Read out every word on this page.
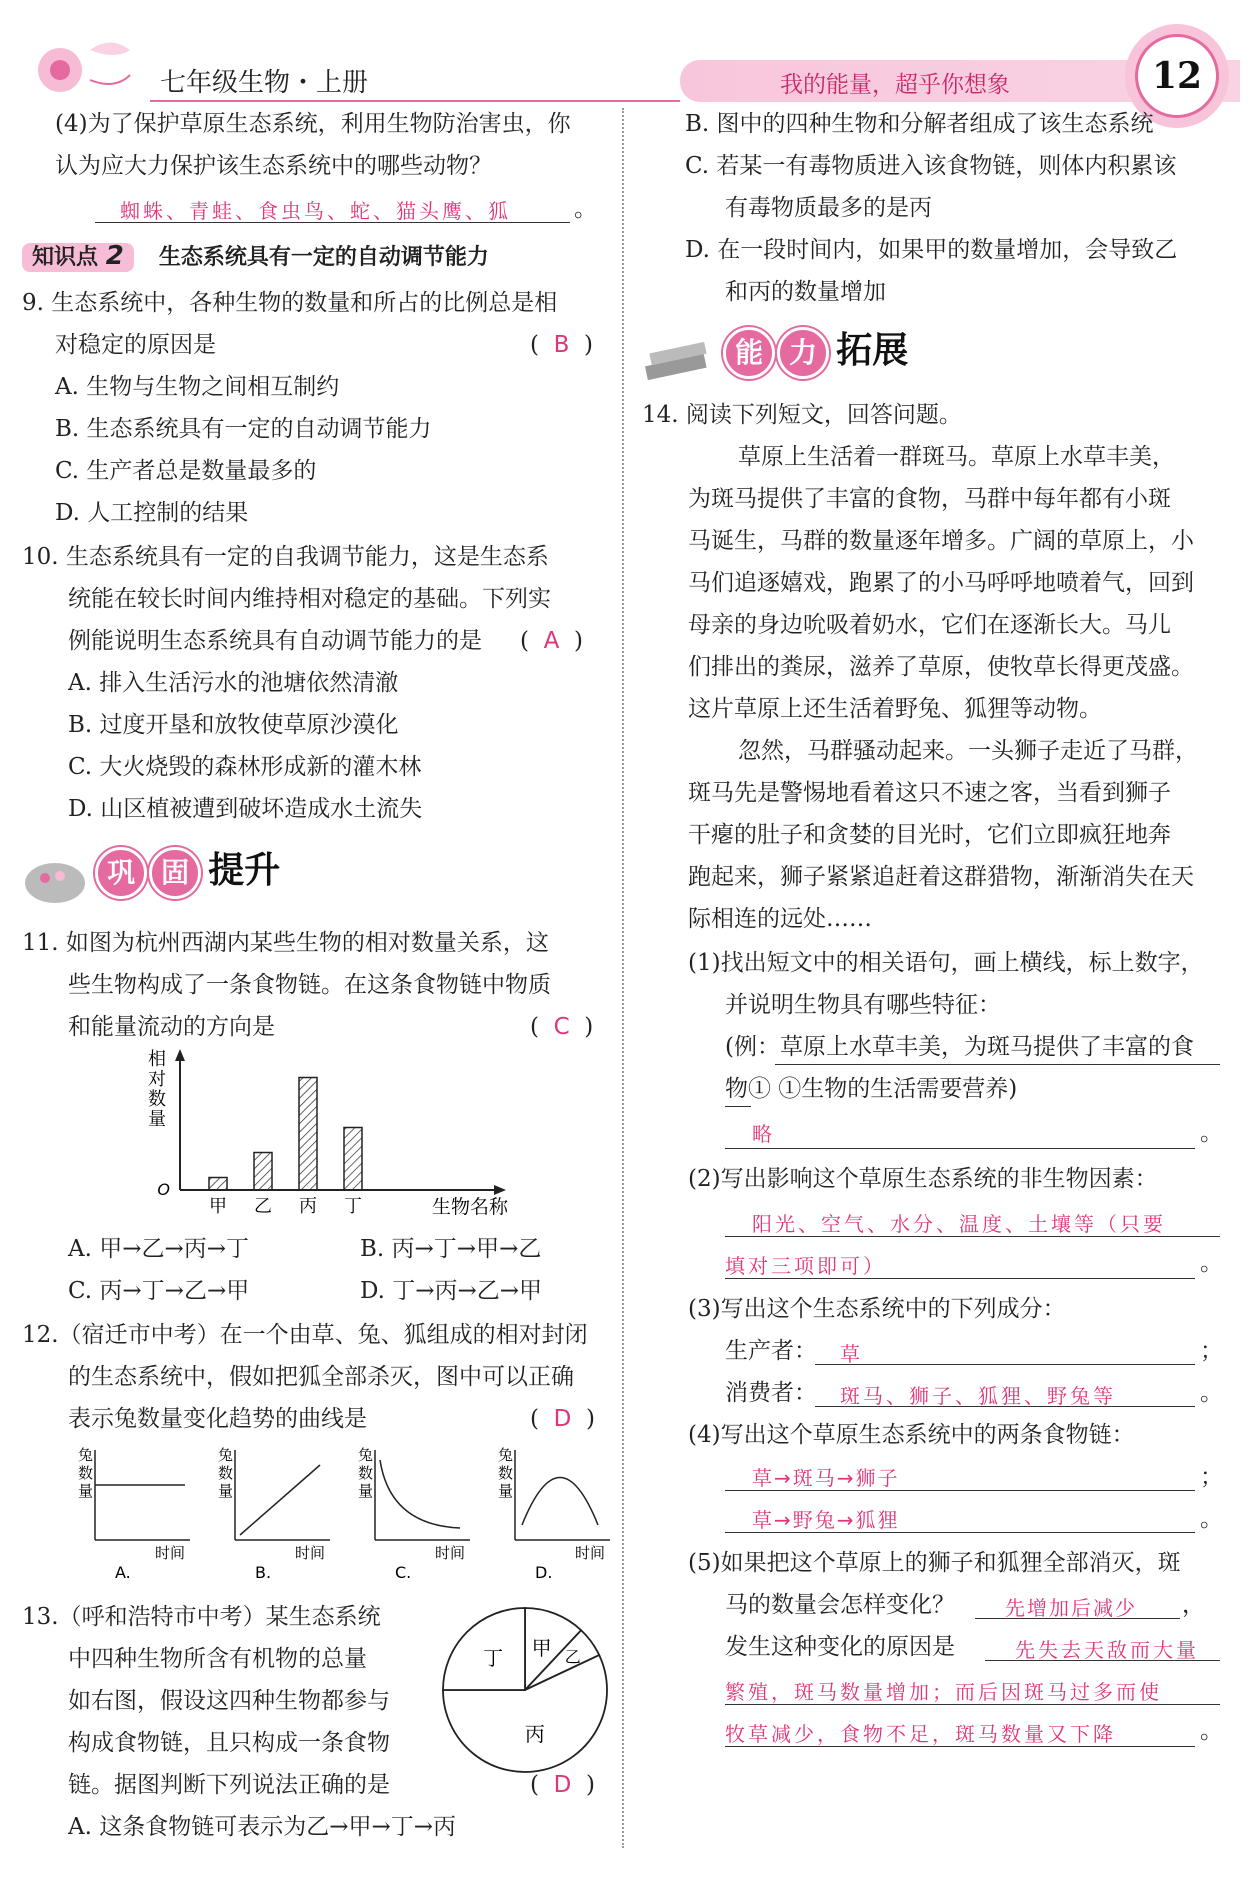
七年级生物・上册	我的能量，超乎你想象	12
(4)为了保护草原生态系统，利用生物防治害虫，你
认为应大力保护该生态系统中的哪些动物？
蜘蛛、青蛙、食虫鸟、蛇、猫头鹰、狐	。
知识点 2 生态系统具有一定的自动调节能力
9. 生态系统中，各种生物的数量和所占的比例总是相
对稳定的原因是	(  B  )
A. 生物与生物之间相互制约
B. 生态系统具有一定的自动调节能力
C. 生产者总是数量最多的
D. 人工控制的结果
10. 生态系统具有一定的自我调节能力，这是生态系
统能在较长时间内维持相对稳定的基础。下列实
例能说明生态系统具有自动调节能力的是 (  A  )
A. 排入生活污水的池塘依然清澈
B. 过度开垦和放牧使草原沙漠化
C. 大火烧毁的森林形成新的灌木林
D. 山区植被遭到破坏造成水土流失
巩 固 提升
11. 如图为杭州西湖内某些生物的相对数量关系，这
些生物构成了一条食物链。在这条食物链中物质
和能量流动的方向是	(  C  )
O
相
对
数
量
甲 乙 丙 丁	生物名称
A. 甲→乙→丙→丁	B. 丙→丁→甲→乙
C. 丙→丁→乙→甲	D. 丁→丙→乙→甲
12.（宿迁市中考）在一个由草、兔、狐组成的相对封闭
的生态系统中，假如把狐全部杀灭，图中可以正确
表示兔数量变化趋势的曲线是	(  D  )
兔
数
量
时间
A.
兔
数
量
时间
B.
兔
数
量
时间
C.
兔
数
量
时间
D.
13.（呼和浩特市中考）某生态系统
中四种生物所含有机物的总量
如右图，假设这四种生物都参与
构成食物链，且只构成一条食物
链。据图判断下列说法正确的是	(  D  )
A. 这条食物链可表示为乙→甲→丁→丙
甲 乙
丙
丁
B. 图中的四种生物和分解者组成了该生态系统
C. 若某一有毒物质进入该食物链，则体内积累该
有毒物质最多的是丙
D. 在一段时间内，如果甲的数量增加，会导致乙
和丙的数量增加
能 力 拓展
14. 阅读下列短文，回答问题。
草原上生活着一群斑马。草原上水草丰美，
为斑马提供了丰富的食物，马群中每年都有小斑
马诞生，马群的数量逐年增多。广阔的草原上，小
马们追逐嬉戏，跑累了的小马呼呼地喷着气，回到
母亲的身边吮吸着奶水，它们在逐渐长大。马儿
们排出的粪尿，滋养了草原，使牧草长得更茂盛。
这片草原上还生活着野兔、狐狸等动物。
忽然，马群骚动起来。一头狮子走近了马群，
斑马先是警惕地看着这只不速之客，当看到狮子
干瘪的肚子和贪婪的目光时，它们立即疯狂地奔
跑起来，狮子紧紧追赶着这群猎物，渐渐消失在天
际相连的远处……
(1)找出短文中的相关语句，画上横线，标上数字，
并说明生物具有哪些特征：
(例：草原上水草丰美，为斑马提供了丰富的食
物① ①生物的生活需要营养)
略	。
(2)写出影响这个草原生态系统的非生物因素：
阳光、空气、水分、温度、土壤等（只要
填对三项即可）	。
(3)写出这个生态系统中的下列成分：
生产者： 草	；
消费者： 斑马、狮子、狐狸、野兔等	。
(4)写出这个草原生态系统中的两条食物链：
草→斑马→狮子	；
草→野兔→狐狸	。
(5)如果把这个草原上的狮子和狐狸全部消灭，斑
马的数量会怎样变化？	先增加后减少 ，
发生这种变化的原因是	先失去天敌而大量
繁殖，斑马数量增加；而后因斑马过多而使
牧草减少，食物不足，斑马数量又下降	。
